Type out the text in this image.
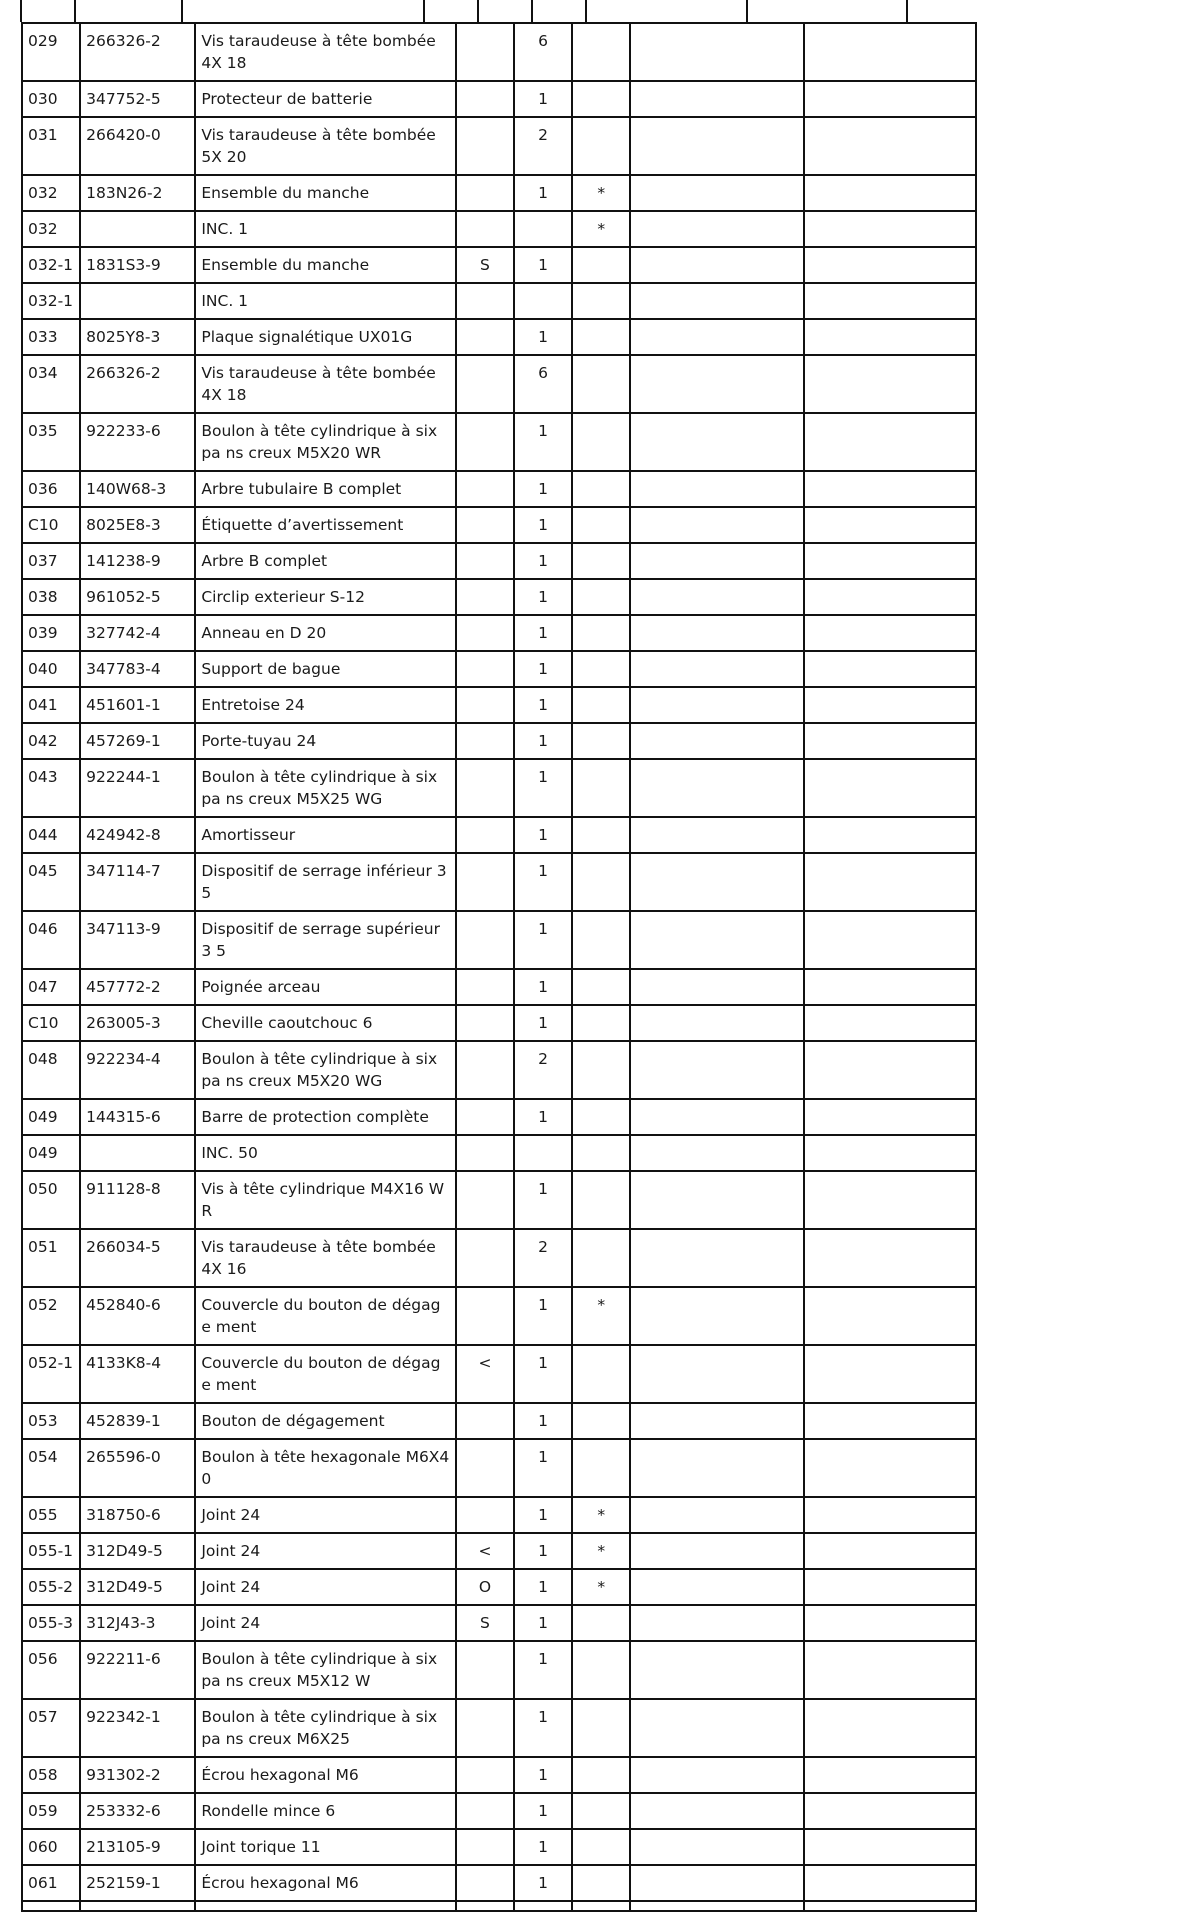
029	266326-2	Vis taraudeuse à tête bombée 4X 18		6			
030	347752-5	Protecteur de batterie		1			
031	266420-0	Vis taraudeuse à tête bombée 5X 20		2			
032	183N26-2	Ensemble du manche		1	*		
032		INC. 1			*		
032-1	1831S3-9	Ensemble du manche	S	1			
032-1		INC. 1					
033	8025Y8-3	Plaque signalétique UX01G		1			
034	266326-2	Vis taraudeuse à tête bombée 4X 18		6			
035	922233-6	Boulon à tête cylindrique à six pa ns creux M5X20 WR		1			
036	140W68-3	Arbre tubulaire B complet		1			
C10	8025E8-3	Étiquette d’avertissement		1			
037	141238-9	Arbre B complet		1			
038	961052-5	Circlip exterieur S-12		1			
039	327742-4	Anneau en D 20		1			
040	347783-4	Support de bague		1			
041	451601-1	Entretoise 24		1			
042	457269-1	Porte-tuyau 24		1			
043	922244-1	Boulon à tête cylindrique à six pa ns creux M5X25 WG		1			
044	424942-8	Amortisseur		1			
045	347114-7	Dispositif de serrage inférieur 35		1			
046	347113-9	Dispositif de serrage supérieur 3 5		1			
047	457772-2	Poignée arceau		1			
C10	263005-3	Cheville caoutchouc 6		1			
048	922234-4	Boulon à tête cylindrique à six pa ns creux M5X20 WG		2			
049	144315-6	Barre de protection complète		1			
049		INC. 50					
050	911128-8	Vis à tête cylindrique M4X16 WR		1			
051	266034-5	Vis taraudeuse à tête bombée 4X 16		2			
052	452840-6	Couvercle du bouton de dégage ment		1	*		
052-1	4133K8-4	Couvercle du bouton de dégage ment	<	1			
053	452839-1	Bouton de dégagement		1			
054	265596-0	Boulon à tête hexagonale M6X40		1			
055	318750-6	Joint 24		1	*		
055-1	312D49-5	Joint 24	<	1	*		
055-2	312D49-5	Joint 24	O	1	*		
055-3	312J43-3	Joint 24	S	1			
056	922211-6	Boulon à tête cylindrique à six pa ns creux M5X12 W		1			
057	922342-1	Boulon à tête cylindrique à six pa ns creux M6X25		1			
058	931302-2	Écrou hexagonal M6		1			
059	253332-6	Rondelle mince 6		1			
060	213105-9	Joint torique 11		1			
061	252159-1	Écrou hexagonal M6		1			
